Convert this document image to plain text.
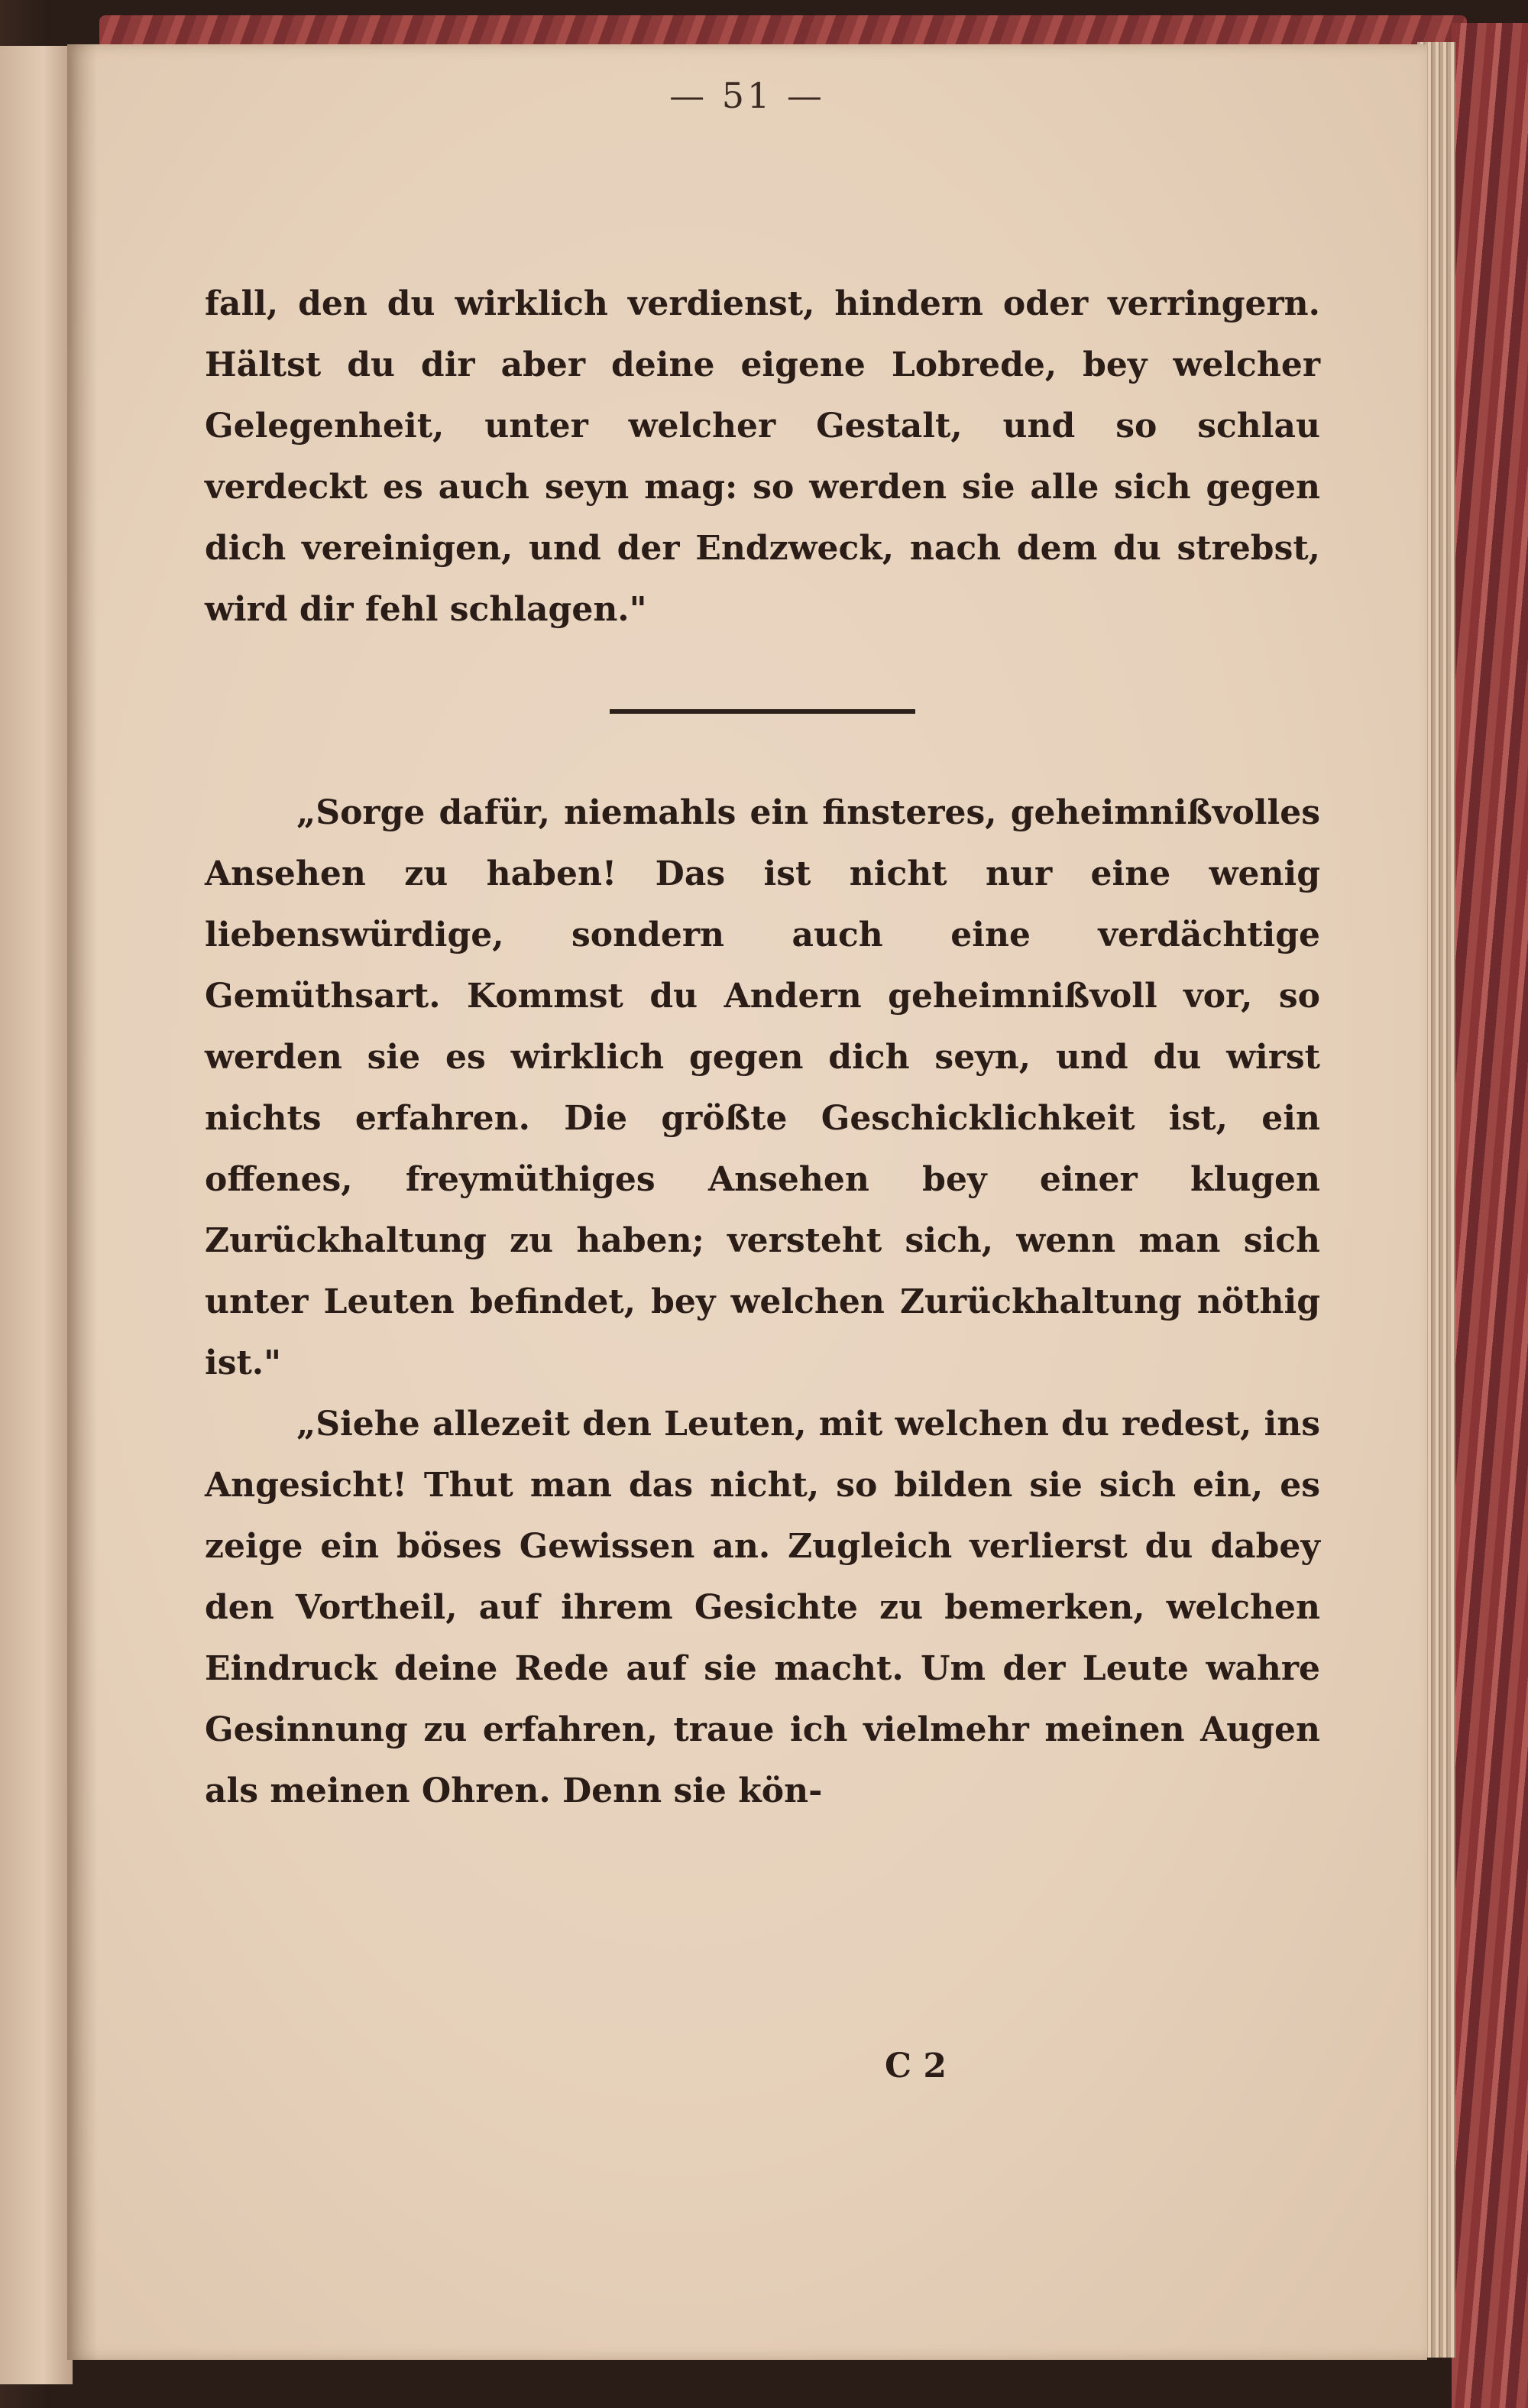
— 51 —

fall, den du wirklich verdienst, hindern oder verringern. Hältst du dir aber deine eigene Lobrede, bey welcher Gelegenheit, unter welcher Gestalt, und so schlau verdeckt es auch seyn mag: so werden sie alle sich gegen dich vereinigen, und der Endzweck, nach dem du strebst, wird dir fehl schlagen."

„Sorge dafür, niemahls ein finsteres, geheimnißvolles Ansehen zu haben! Das ist nicht nur eine wenig liebenswürdige, sondern auch eine verdächtige Gemüthsart. Kommst du Andern geheimnißvoll vor, so werden sie es wirklich gegen dich seyn, und du wirst nichts erfahren. Die größte Geschicklichkeit ist, ein offenes, freymüthiges Ansehen bey einer klugen Zurückhaltung zu haben; versteht sich, wenn man sich unter Leuten befindet, bey welchen Zurückhaltung nöthig ist."

„Siehe allezeit den Leuten, mit welchen du redest, ins Angesicht! Thut man das nicht, so bilden sie sich ein, es zeige ein böses Gewissen an. Zugleich verlierst du dabey den Vortheil, auf ihrem Gesichte zu bemerken, welchen Eindruck deine Rede auf sie macht. Um der Leute wahre Gesinnung zu erfahren, traue ich vielmehr meinen Augen als meinen Ohren. Denn sie kön-

C 2
